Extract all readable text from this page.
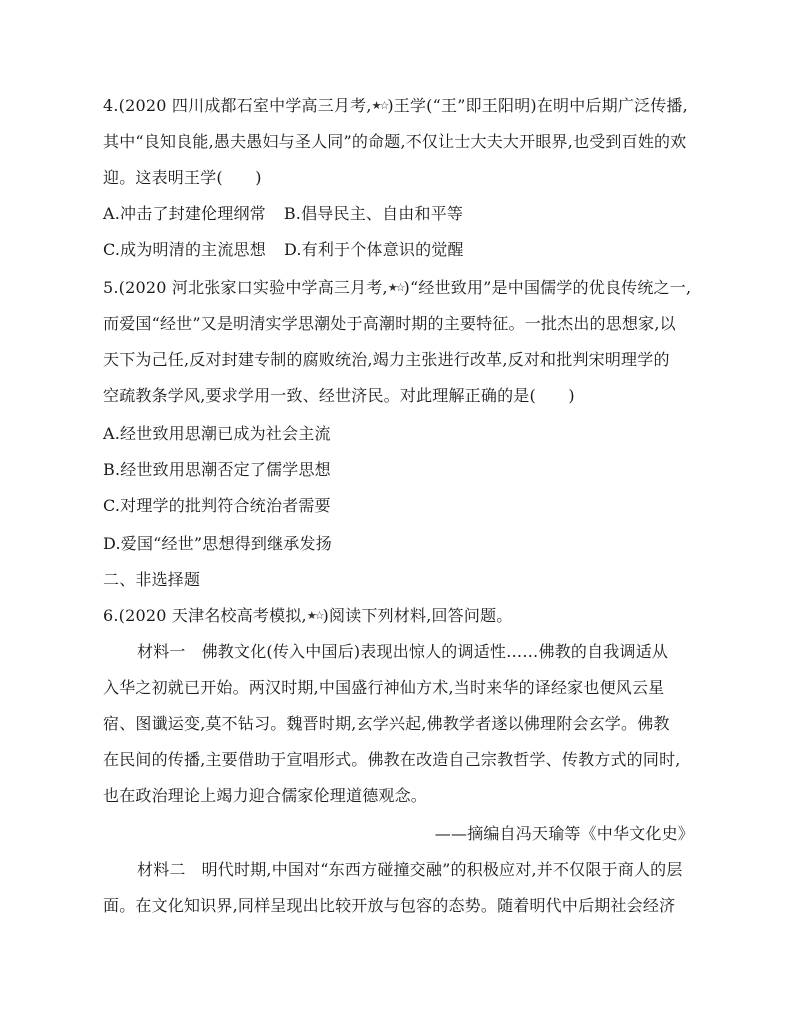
4.(2020 四川成都石室中学高三月考,★☆)王学(“王”即王阳明)在明中后期广泛传播,
其中“良知良能,愚夫愚妇与圣人同”的命题,不仅让士大夫大开眼界,也受到百姓的欢
迎。这表明王学(　　)
A.冲击了封建伦理纲常 B.倡导民主、自由和平等
C.成为明清的主流思想 D.有利于个体意识的觉醒
5.(2020 河北张家口实验中学高三月考,★☆)“经世致用”是中国儒学的优良传统之一,
而爱国“经世”又是明清实学思潮处于高潮时期的主要特征。一批杰出的思想家,以
天下为己任,反对封建专制的腐败统治,竭力主张进行改革,反对和批判宋明理学的
空疏教条学风,要求学用一致、经世济民。对此理解正确的是(　　)
A.经世致用思潮已成为社会主流
B.经世致用思潮否定了儒学思想
C.对理学的批判符合统治者需要
D.爱国“经世”思想得到继承发扬
二、非选择题
6.(2020 天津名校高考模拟,★☆)阅读下列材料,回答问题。
材料一 佛教文化(传入中国后)表现出惊人的调适性……佛教的自我调适从
入华之初就已开始。两汉时期,中国盛行神仙方术,当时来华的译经家也便风云星
宿、图谶运变,莫不钻习。魏晋时期,玄学兴起,佛教学者遂以佛理附会玄学。佛教
在民间的传播,主要借助于宣唱形式。佛教在改造自己宗教哲学、传教方式的同时,
也在政治理论上竭力迎合儒家伦理道德观念。
——摘编自冯天瑜等《中华文化史》
材料二 明代时期,中国对“东西方碰撞交融”的积极应对,并不仅限于商人的层
面。在文化知识界,同样呈现出比较开放与包容的态势。随着明代中后期社会经济
